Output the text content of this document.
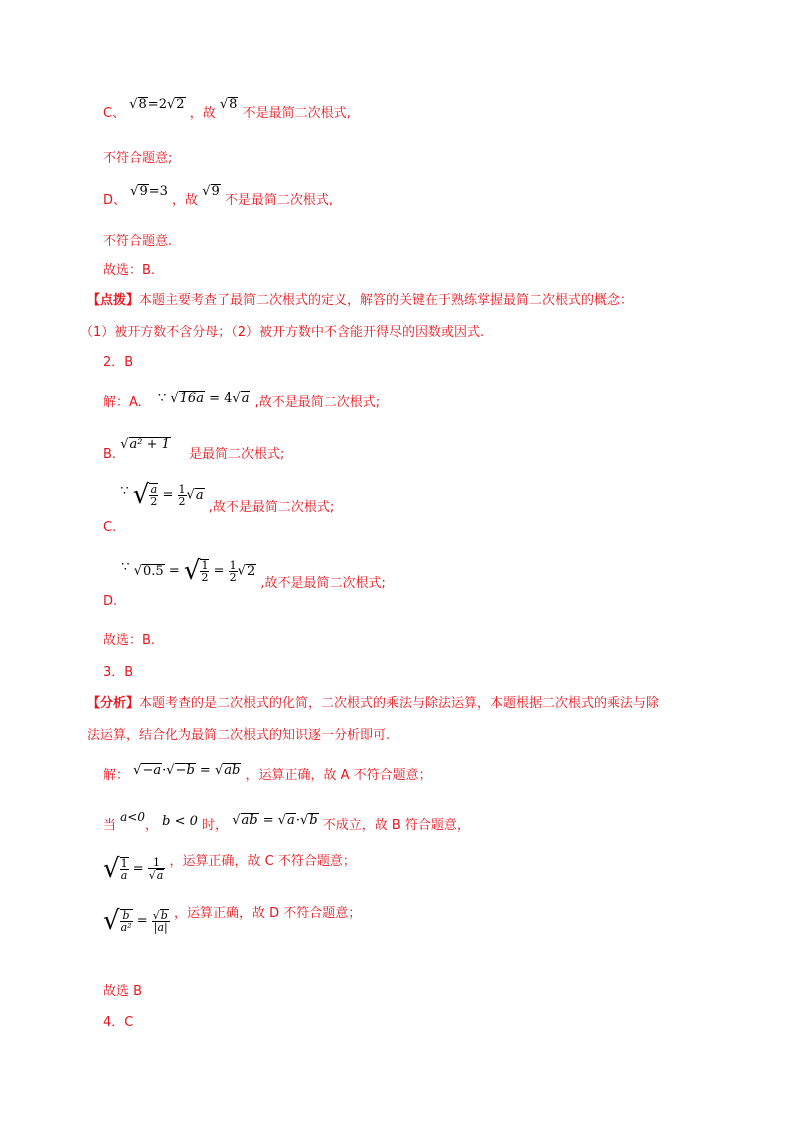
C、 √8=2√2 ，故 √8 不是最简二次根式,
不符合题意;
D、 √9=3 ，故 √9 不是最简二次根式,
不符合题意.
故选：B.
【点拨】本题主要考查了最简二次根式的定义，解答的关键在于熟练掌握最简二次根式的概念：
（1）被开方数不含分母；（2）被开方数中不含能开得尽的因数或因式.
2．B
解：A. ∵ √16a = 4√a ,故不是最简二次根式;
B. √a² + 1 是最简二次根式;
C. ∵ √ $\frac{a}{2} = \frac{1}{2} √a$ ,故不是最简二次根式;
D. ∵ √0.5 = √ $\frac{1}{2} = \frac{1}{2} √2$ ,故不是最简二次根式;
故选：B.
3．B
【分析】本题考查的是二次根式的化简，二次根式的乘法与除法运算，本题根据二次根式的乘法与除
法运算，结合化为最简二次根式的知识逐一分析即可.
解： √−a·√−b = √ab ，运算正确，故 A 不符合题意；
当 a<0， b < 0 时， √ab = √a·√b 不成立，故 B 符合题意，
√ $\frac{1}{a} = \frac{1}{√a}$ ，运算正确，故 C 不符合题意；
√ $\frac{b}{\text{a²}} = \frac{√b}{|a|}$ ，运算正确，故 D 不符合题意；
故选 B
4．C
